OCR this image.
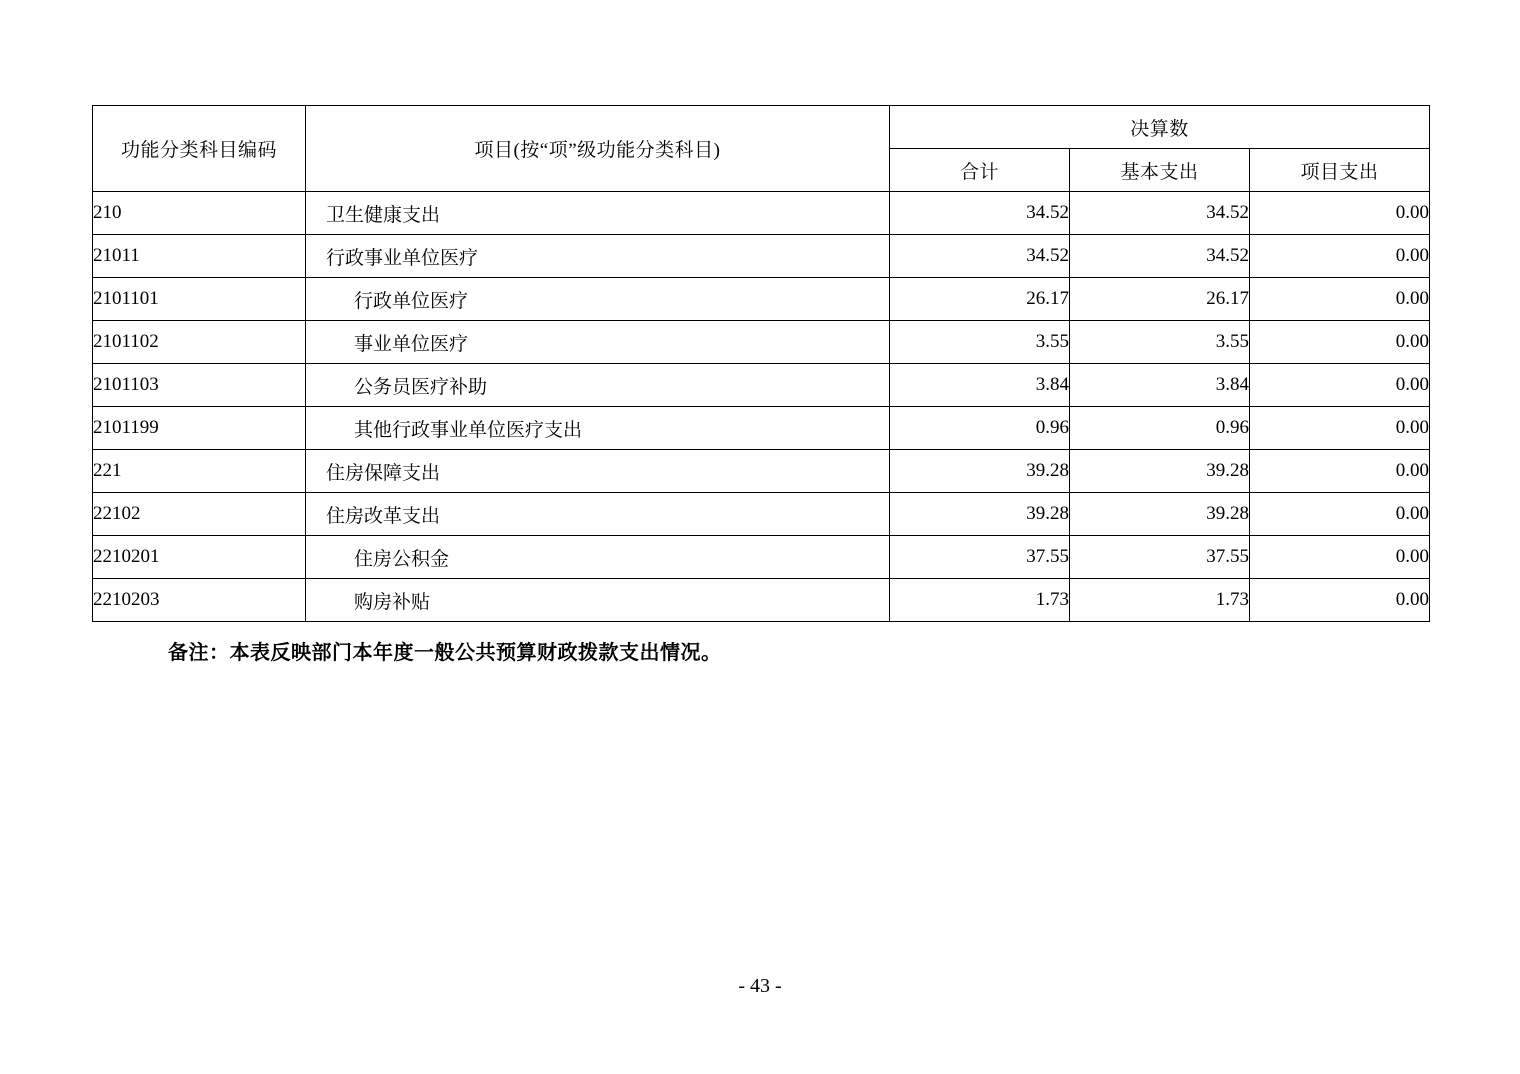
功能分类科目编码	项目(按“项”级功能分类科目)	决算数		
		合计	基本支出	项目支出
210	卫生健康支出	34.52	34.52	0.00
21011	行政事业单位医疗	34.52	34.52	0.00
2101101	行政单位医疗	26.17	26.17	0.00
2101102	事业单位医疗	3.55	3.55	0.00
2101103	公务员医疗补助	3.84	3.84	0.00
2101199	其他行政事业单位医疗支出	0.96	0.96	0.00
221	住房保障支出	39.28	39.28	0.00
22102	住房改革支出	39.28	39.28	0.00
2210201	住房公积金	37.55	37.55	0.00
2210203	购房补贴	1.73	1.73	0.00
备注：本表反映部门本年度一般公共预算财政拨款支出情况。
- 43 -
